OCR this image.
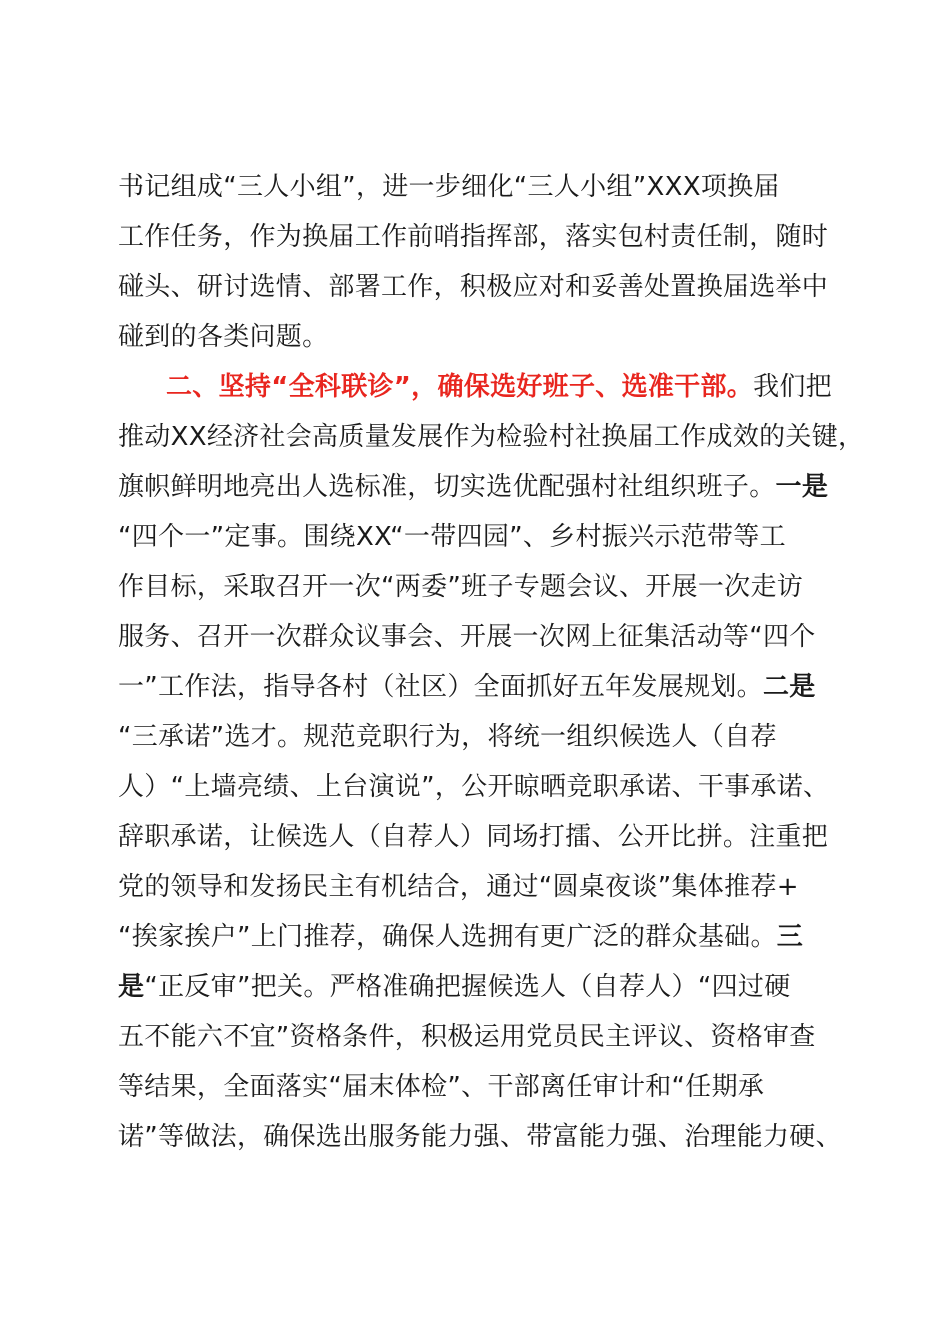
书记组成“三人小组”，进一步细化“三人小组”XXX项换届
工作任务，作为换届工作前哨指挥部，落实包村责任制，随时
碰头、研讨选情、部署工作，积极应对和妥善处置换届选举中
碰到的各类问题。
二、坚持“全科联诊”，确保选好班子、选准干部。我们把
推动XX经济社会高质量发展作为检验村社换届工作成效的关键，
旗帜鲜明地亮出人选标准，切实选优配强村社组织班子。一是
“四个一”定事。围绕XX“一带四园”、乡村振兴示范带等工
作目标，采取召开一次“两委”班子专题会议、开展一次走访
服务、召开一次群众议事会、开展一次网上征集活动等“四个
一”工作法，指导各村（社区）全面抓好五年发展规划。二是
“三承诺”选才。规范竞职行为，将统一组织候选人（自荐
人）“上墙亮绩、上台演说”，公开晾晒竞职承诺、干事承诺、
辞职承诺，让候选人（自荐人）同场打擂、公开比拼。注重把
党的领导和发扬民主有机结合，通过“圆桌夜谈”集体推荐+
“挨家挨户”上门推荐，确保人选拥有更广泛的群众基础。三
是“正反审”把关。严格准确把握候选人（自荐人）“四过硬
五不能六不宜”资格条件，积极运用党员民主评议、资格审查
等结果，全面落实“届末体检”、干部离任审计和“任期承
诺”等做法，确保选出服务能力强、带富能力强、治理能力硬、
